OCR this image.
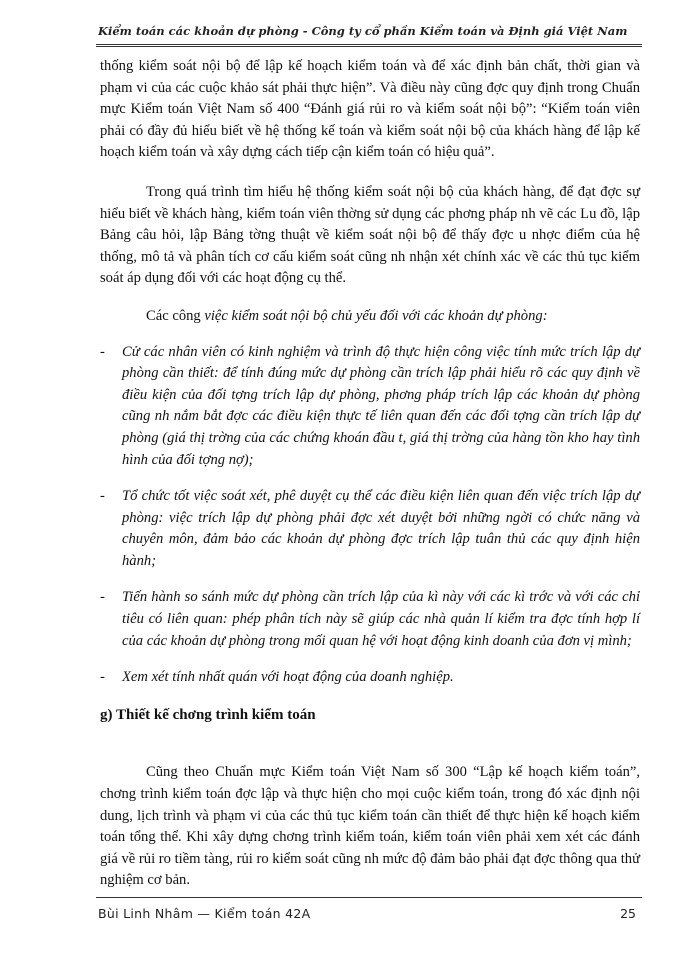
Kiểm toán các khoản dự phòng - Công ty cổ phần Kiểm toán và Định giá Việt Nam

thống kiểm soát nội bộ để lập kế hoạch kiểm toán và để xác định bản chất, thời gian và phạm vi của các cuộc khảo sát phải thực hiện”. Và điều này cũng đợc quy định trong Chuẩn mực Kiểm toán Việt Nam số 400 “Đánh giá rủi ro và kiểm soát nội bộ”: “Kiểm toán viên phải có đầy đủ hiểu biết về hệ thống kế toán và kiểm soát nội bộ của khách hàng để lập kế hoạch kiểm toán và xây dựng cách tiếp cận kiểm toán có hiệu quả”.

Trong quá trình tìm hiểu hệ thống kiểm soát nội bộ của khách hàng, để đạt đợc sự hiểu biết về khách hàng, kiểm toán viên thờng sử dụng các phơng pháp nh vẽ các Lu đồ, lập Bảng câu hỏi, lập Bảng tờng thuật về kiểm soát nội bộ để thấy đợc u nhợc điểm của hệ thống, mô tả và phân tích cơ cấu kiểm soát cũng nh nhận xét chính xác về các thủ tục kiểm soát áp dụng đối với các hoạt động cụ thể.

Các công việc kiểm soát nội bộ chủ yếu đối với các khoản dự phòng:

- Cử các nhân viên có kinh nghiệm và trình độ thực hiện công việc tính mức trích lập dự phòng cần thiết: để tính đúng mức dự phòng cần trích lập phải hiểu rõ các quy định về điều kiện của đối tợng trích lập dự phòng, phơng pháp trích lập các khoản dự phòng cũng nh nắm bắt đợc các điều kiện thực tế liên quan đến các đối tợng cần trích lập dự phòng (giá thị trờng của các chứng khoán đầu t, giá thị trờng của hàng tồn kho hay tình hình của đối tợng nợ);
- Tổ chức tốt việc soát xét, phê duyệt cụ thể các điều kiện liên quan đến việc trích lập dự phòng: việc trích lập dự phòng phải đợc xét duyệt bởi những ngời có chức năng và chuyên môn, đảm bảo các khoản dự phòng đợc trích lập tuân thủ các quy định hiện hành;
- Tiến hành so sánh mức dự phòng cần trích lập của kì này với các kì trớc và với các chỉ tiêu có liên quan: phép phân tích này sẽ giúp các nhà quản lí kiểm tra đợc tính hợp lí của các khoản dự phòng trong mối quan hệ với hoạt động kinh doanh của đơn vị mình;
- Xem xét tính nhất quán với hoạt động của doanh nghiệp.

g) Thiết kế chơng trình kiểm toán

Cũng theo Chuẩn mực Kiểm toán Việt Nam số 300 “Lập kế hoạch kiểm toán”, chơng trình kiểm toán đợc lập và thực hiện cho mọi cuộc kiểm toán, trong đó xác định nội dung, lịch trình và phạm vi của các thủ tục kiểm toán cần thiết để thực hiện kế hoạch kiểm toán tổng thể. Khi xây dựng chơng trình kiểm toán, kiểm toán viên phải xem xét các đánh giá về rủi ro tiềm tàng, rủi ro kiểm soát cũng nh mức độ đảm bảo phải đạt đợc thông qua thử nghiệm cơ bản.

Bùi Linh Nhâm — Kiểm toán 42A	25
